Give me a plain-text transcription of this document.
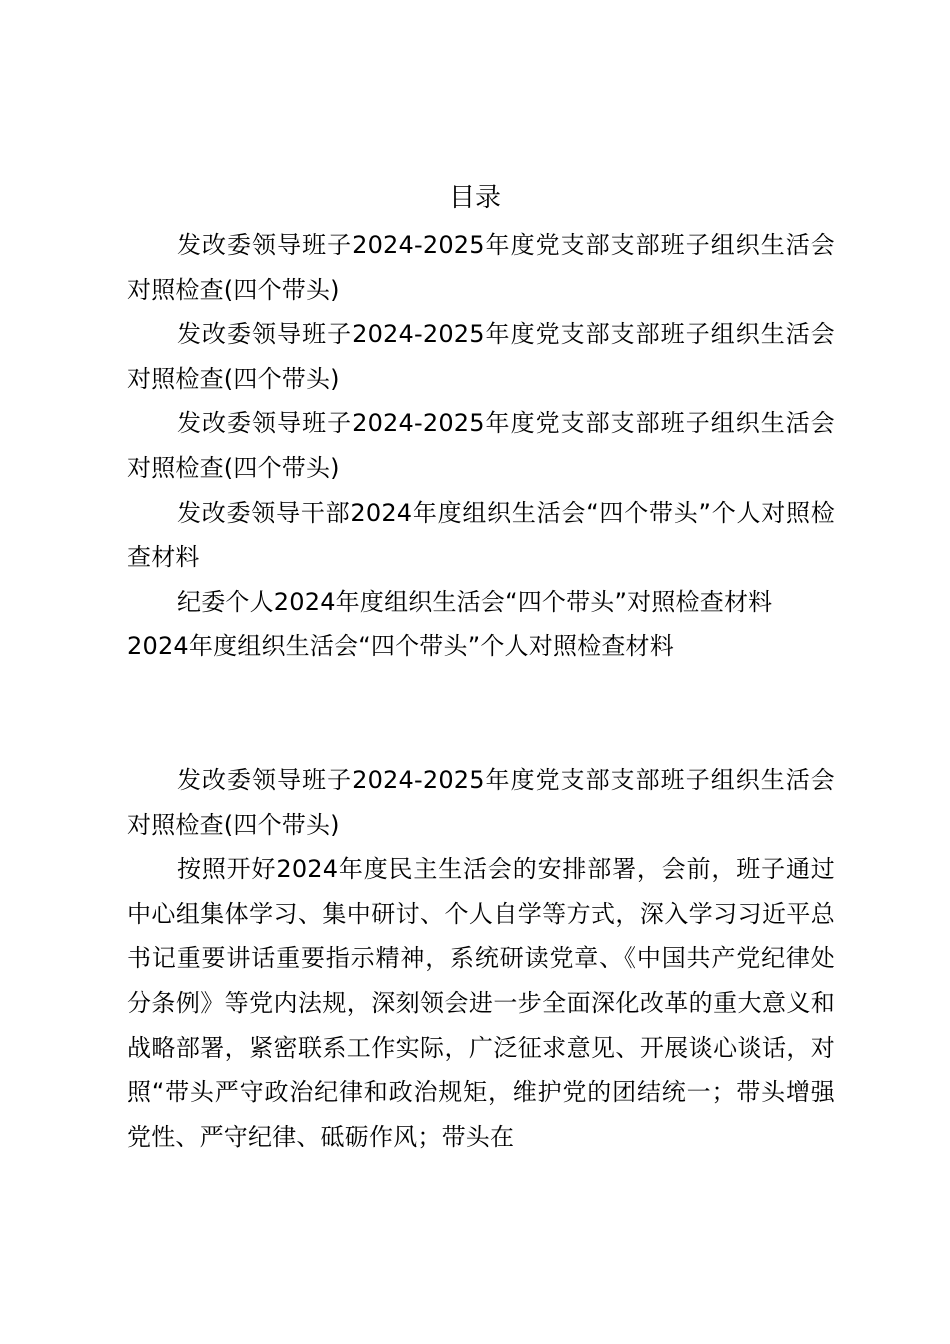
目录

发改委领导班子2024-2025年度党支部支部班子组织生活会对照检查(四个带头)

发改委领导班子2024-2025年度党支部支部班子组织生活会对照检查(四个带头)

发改委领导班子2024-2025年度党支部支部班子组织生活会对照检查(四个带头)

发改委领导干部2024年度组织生活会“四个带头”个人对照检查材料

纪委个人2024年度组织生活会“四个带头”对照检查材料

2024年度组织生活会“四个带头”个人对照检查材料

发改委领导班子2024-2025年度党支部支部班子组织生活会对照检查(四个带头)

按照开好2024年度民主生活会的安排部署，会前，班子通过中心组集体学习、集中研讨、个人自学等方式，深入学习习近平总书记重要讲话重要指示精神，系统研读党章、《中国共产党纪律处分条例》等党内法规，深刻领会进一步全面深化改革的重大意义和战略部署，紧密联系工作实际，广泛征求意见、开展谈心谈话，对照“带头严守政治纪律和政治规矩，维护党的团结统一；带头增强党性、严守纪律、砥砺作风；带头在
